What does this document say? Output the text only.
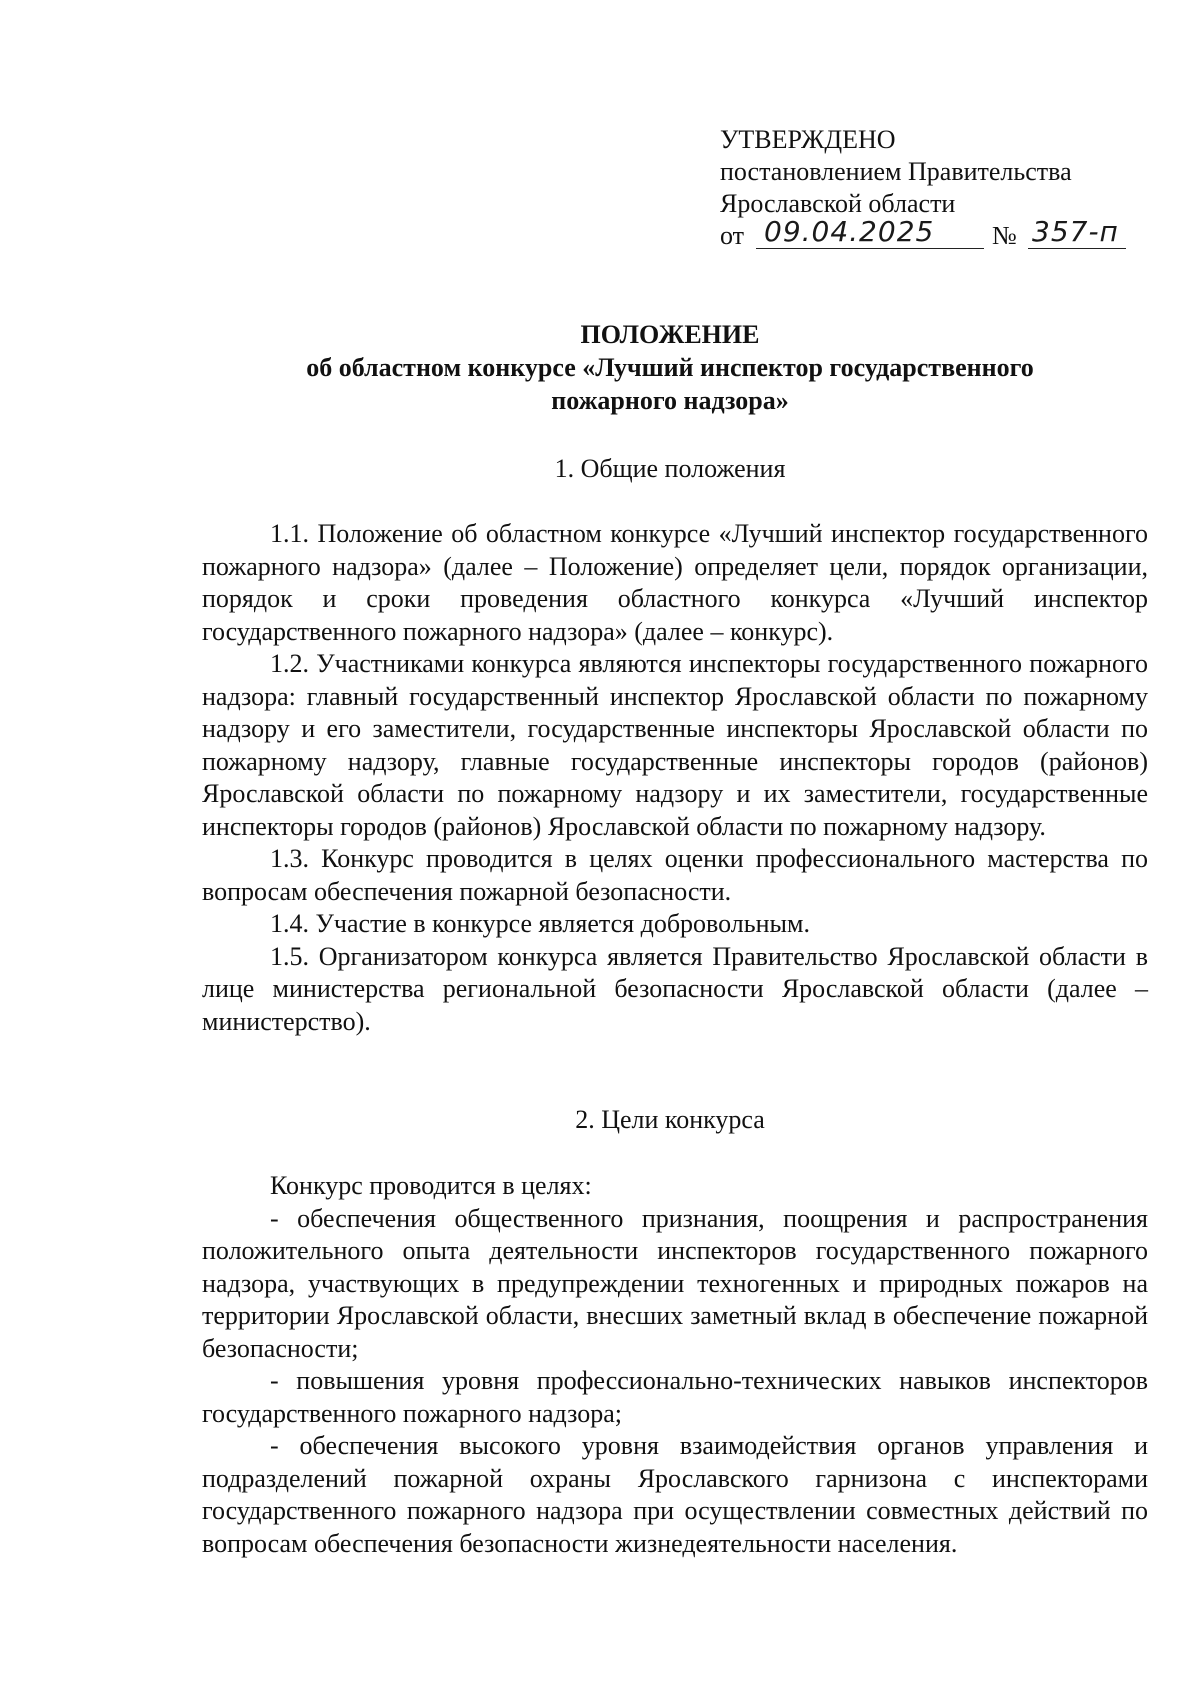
УТВЕРЖДЕНО
постановлением Правительства
Ярославской области
от 09.04.2025 № 357-п
ПОЛОЖЕНИЕ
об областном конкурсе «Лучший инспектор государственного
пожарного надзора»
1. Общие положения

1.1. Положение об областном конкурсе «Лучший инспектор государственного пожарного надзора» (далее – Положение) определяет цели, порядок организации, порядок и сроки проведения областного конкурса «Лучший инспектор государственного пожарного надзора» (далее – конкурс).

1.2. Участниками конкурса являются инспекторы государственного пожарного надзора: главный государственный инспектор Ярославской области по пожарному надзору и его заместители, государственные инспекторы Ярославской области по пожарному надзору, главные государственные инспекторы городов (районов) Ярославской области по пожарному надзору и их заместители, государственные инспекторы городов (районов) Ярославской области по пожарному надзору.

1.3. Конкурс проводится в целях оценки профессионального мастерства по вопросам обеспечения пожарной безопасности.

1.4. Участие в конкурсе является добровольным.

1.5. Организатором конкурса является Правительство Ярославской области в лице министерства региональной безопасности Ярославской области (далее – министерство).

2. Цели конкурса

Конкурс проводится в целях:

- обеспечения общественного признания, поощрения и распространения положительного опыта деятельности инспекторов государственного пожарного надзора, участвующих в предупреждении техногенных и природных пожаров на территории Ярославской области, внесших заметный вклад в обеспечение пожарной безопасности;

- повышения уровня профессионально-технических навыков инспекторов государственного пожарного надзора;

- обеспечения высокого уровня взаимодействия органов управления и подразделений пожарной охраны Ярославского гарнизона с инспекторами государственного пожарного надзора при осуществлении совместных действий по вопросам обеспечения безопасности жизнедеятельности населения.
